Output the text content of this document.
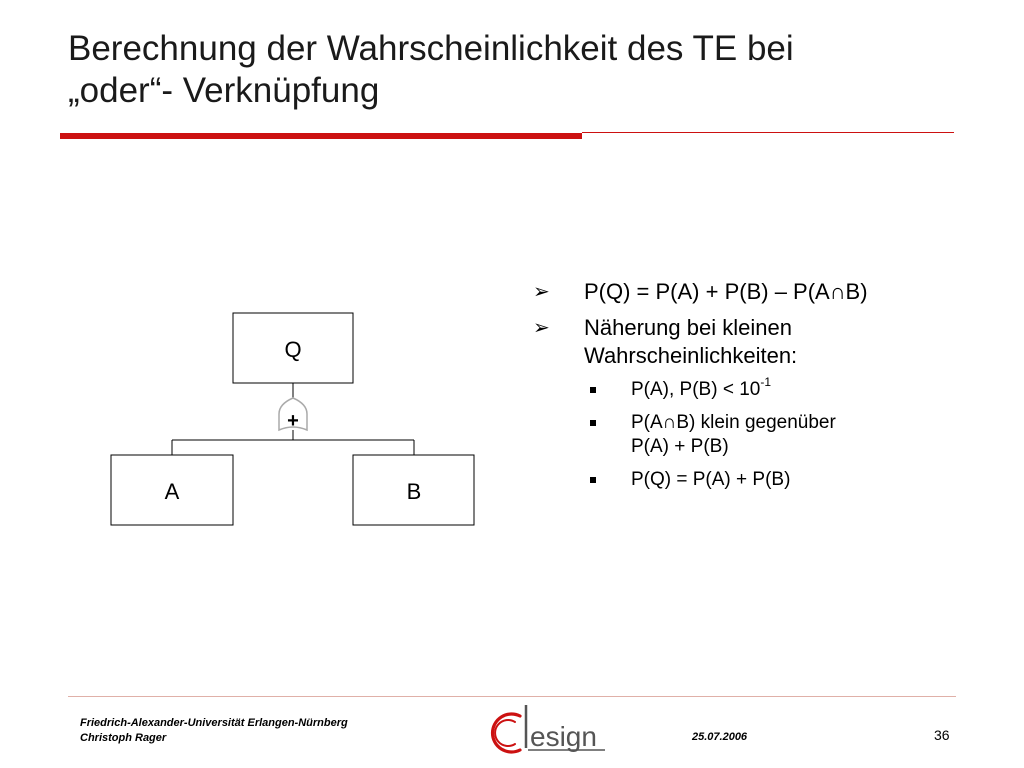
Berechnung der Wahrscheinlichkeit des TE bei
„oder“- Verknüpfung
Q
+
A	B
➢ P(Q) = P(A) + P(B) – P(A∩B)
➢ Näherung bei kleinen
Wahrscheinlichkeiten:
P(A), $P(B) < 10^{-1}$
P(A∩B) klein gegenüber
P(A) + P(B)
P(Q) = P(A) + P(B)
Friedrich-Alexander-Universität Erlangen-Nürnberg
Christoph Rager	esign	25.07.2006	36
